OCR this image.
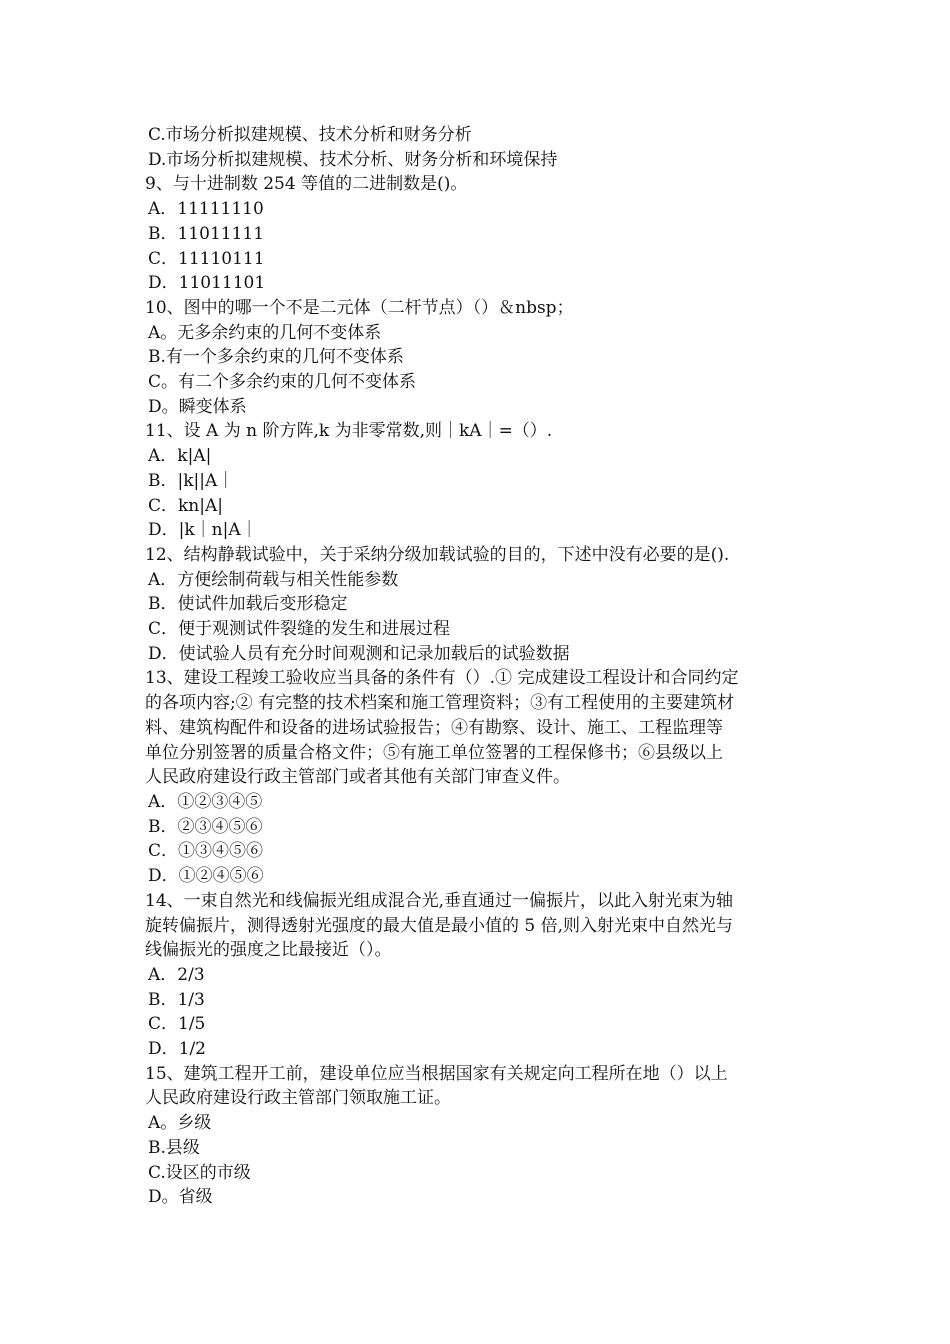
C.市场分析拟建规模、技术分析和财务分析

D.市场分析拟建规模、技术分析、财务分析和环境保持

9、与十进制数 254 等值的二进制数是()。

A．11111110

B．11011111

C．11110111

D．11011101

10、图中的哪一个不是二元体（二杆节点）（）＆nbsp；

A。无多余约束的几何不变体系

B.有一个多余约束的几何不变体系

C。有二个多余约束的几何不变体系

D。瞬变体系

11、设 A 为 n 阶方阵,k 为非零常数,则｜kA｜=（）.

A．k|A|

B．|k||A｜

C．kn|A|

D．|k｜n|A｜

12、结构静载试验中，关于采纳分级加载试验的目的，下述中没有必要的是().

A．方便绘制荷载与相关性能参数

B．使试件加载后变形稳定

C．便于观测试件裂缝的发生和进展过程

D．使试验人员有充分时间观测和记录加载后的试验数据

13、建设工程竣工验收应当具备的条件有（）.① 完成建设工程设计和合同约定

的各项内容;② 有完整的技术档案和施工管理资料；③有工程使用的主要建筑材

料、建筑构配件和设备的进场试验报告；④有勘察、设计、施工、工程监理等

单位分别签署的质量合格文件；⑤有施工单位签署的工程保修书；⑥县级以上

人民政府建设行政主管部门或者其他有关部门审查义件。

A．①②③④⑤

B．②③④⑤⑥

C．①③④⑤⑥

D．①②④⑤⑥

14、一束自然光和线偏振光组成混合光,垂直通过一偏振片，以此入射光束为轴

旋转偏振片，测得透射光强度的最大值是最小值的 5 倍,则入射光束中自然光与

线偏振光的强度之比最接近（）。

A．2/3

B．1/3

C．1/5

D．1/2

15、建筑工程开工前，建设单位应当根据国家有关规定向工程所在地（）以上

人民政府建设行政主管部门领取施工证。

A。乡级

B.县级

C.设区的市级

D。省级
